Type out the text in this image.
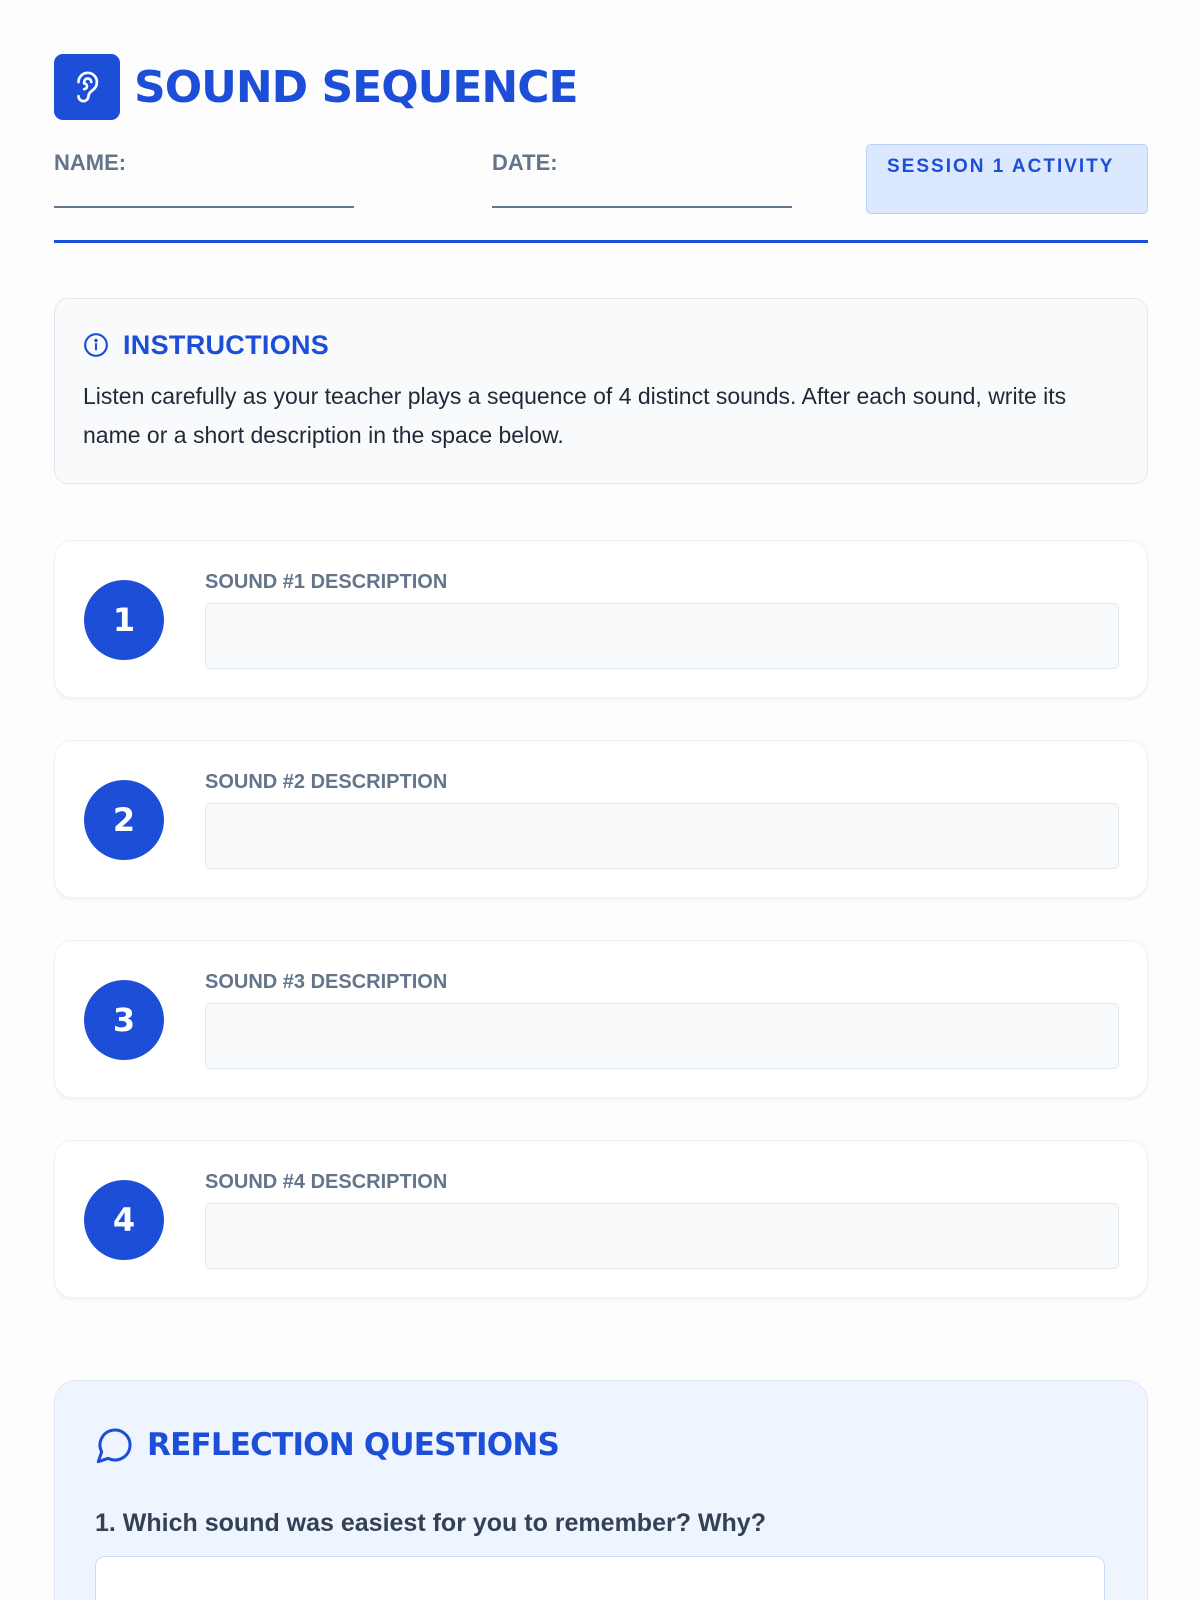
SOUND SEQUENCE
NAME:	DATE:	SESSION 1 ACTIVITY
INSTRUCTIONS

Listen carefully as your teacher plays a sequence of 4 distinct sounds. After each sound, write its name or a short description in the space below.

1
SOUND #1 DESCRIPTION
2
SOUND #2 DESCRIPTION
3
SOUND #3 DESCRIPTION
4
SOUND #4 DESCRIPTION
REFLECTION QUESTIONS

1. Which sound was easiest for you to remember? Why?
